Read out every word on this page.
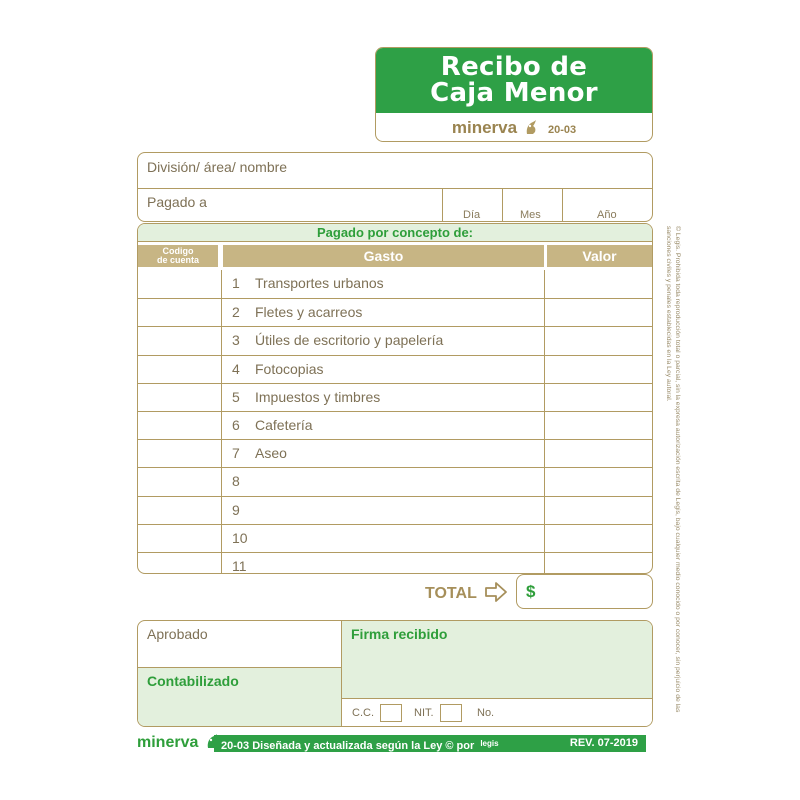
Recibo de
Caja Menor
minerva	20-03
División/ área/ nombre
Pagado a
Día	Mes	Año
Pagado por concepto de:
Codigo
de cuenta	Gasto	Valor
1 Transportes urbanos
2 Fletes y acarreos
3 Útiles de escritorio y papelería
4 Fotocopias
5 Impuestos y timbres
6 Cafetería
7 Aseo
8
9
10
11
TOTAL	$
Aprobado
Contabilizado
Firma recibido
C.C.	NIT.	No.
minerva	20-03 Diseñada y actualizada según la Ley © por $^{legis}$	REV. 07-2019
© Legis. Prohibida toda reproducción total o parcial, sin la expresa autorización escrita de Legis, bajo cualquier medio conocido o por conocer, sin perjuicio de las sanciones civiles y penales establecidas en la Ley autoral.
